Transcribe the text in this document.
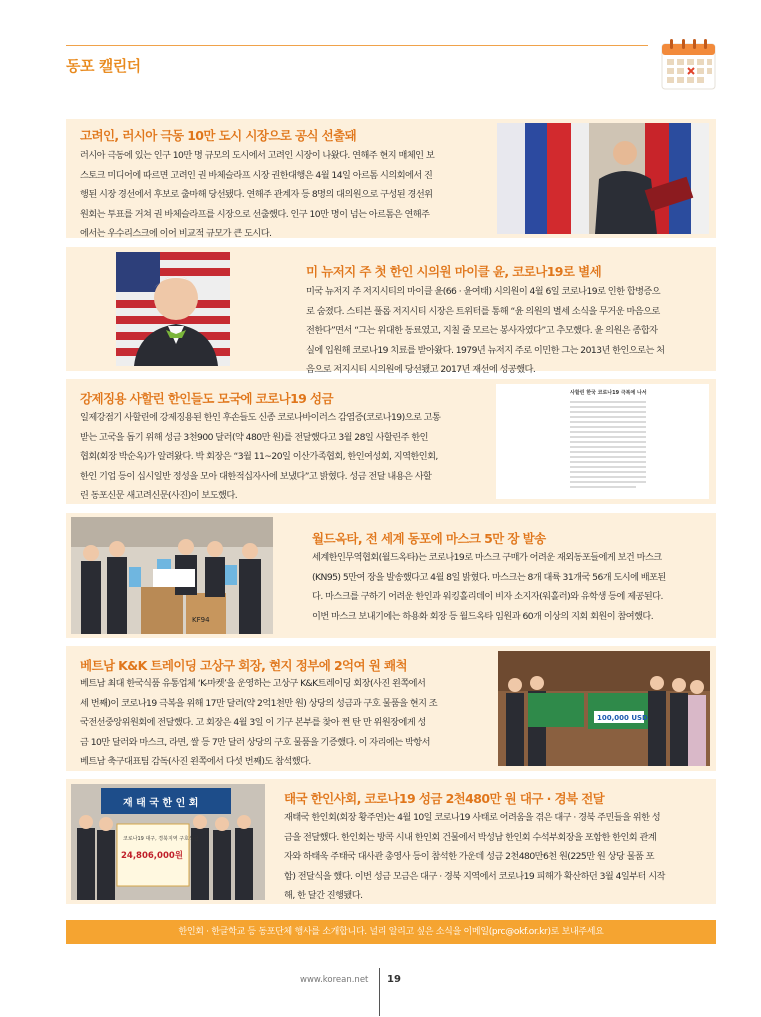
동포 캘린더
고려인, 러시아 극동 10만 도시 시장으로 공식 선출돼
러시아 극동에 있는 인구 10만 명 규모의 도시에서 고려인 시장이 나왔다. 연해주 현지 매체인 보
스토크 미디어에 따르면 고려인 권 바체슬라프 시장 권한대행은 4월 14일 아르톰 시의회에서 진
행된 시장 경선에서 후보로 출마해 당선됐다. 연해주 관계자 등 8명의 대의원으로 구성된 경선위
원회는 투표를 거쳐 권 바체슬라프를 시장으로 선출했다. 인구 10만 명이 넘는 아르톰은 연해주
에서는 우수리스크에 이어 비교적 규모가 큰 도시다.
미 뉴저지 주 첫 한인 시의원 마이클 윤, 코로나19로 별세
미국 뉴저지 주 저지시티의 마이클 윤(66 · 윤여태) 시의원이 4월 6일 코로나19로 인한 합병증으
로 숨졌다. 스티븐 풀롭 저지시티 시장은 트위터를 통해 “윤 의원의 별세 소식을 무거운 마음으로
전한다”면서 “그는 위대한 동료였고, 지칠 줄 모르는 봉사자였다”고 추모했다. 윤 의원은 종합자
실에 입원해 코로나19 치료를 받아왔다. 1979년 뉴저지 주로 이민한 그는 2013년 한인으로는 처
음으로 저지시티 시의원에 당선됐고 2017년 재선에 성공했다.
강제징용 사할린 한인들도 모국에 코로나19 성금
일제강점기 사할린에 강제징용된 한인 후손들도 신종 코로나바이러스 감염증(코로나19)으로 고통
받는 고국을 돕기 위해 성금 3천900 달러(약 480만 원)를 전달했다고 3월 28일 사할린주 한인
협회(회장 박순옥)가 알려왔다. 박 회장은 “3월 11~20일 이산가족협회, 한인여성회, 지역한인회,
한인 기업 등이 십시일반 정성을 모아 대한적십자사에 보냈다”고 밝혔다. 성금 전달 내용은 사할
린 동포신문 새고려신문(사진)이 보도했다.
사할린 한국 코로나19 극복에 나서
KF94
월드옥타, 전 세계 동포에 마스크 5만 장 발송
세계한인무역협회(월드옥타)는 코로나19로 마스크 구매가 어려운 재외동포들에게 보건 마스크
(KN95) 5만여 장을 발송했다고 4월 8일 밝혔다. 마스크는 8개 대륙 31개국 56개 도시에 배포된
다. 마스크를 구하기 어려운 한인과 워킹홀리데이 비자 소지자(워홀러)와 유학생 등에 제공된다.
이번 마스크 보내기에는 하용화 회장 등 월드옥타 임원과 60개 이상의 지회 회원이 참여했다.
베트남 K&K 트레이딩 고상구 회장, 현지 정부에 2억여 원 쾌척
베트남 최대 한국식품 유통업체 ‘K-마켓’을 운영하는 고상구 K&K트레이딩 회장(사진 왼쪽에서
세 번째)이 코로나19 극복을 위해 17만 달러(약 2억1천만 원) 상당의 성금과 구호 물품을 현지 조
국전선중앙위원회에 전달했다. 고 회장은 4월 3일 이 기구 본부를 찾아 쩐 탄 만 위원장에게 성
금 10만 달러와 마스크, 라면, 쌀 등 7만 달러 상당의 구호 물품을 기증했다. 이 자리에는 박항서
베트남 축구대표팀 감독(사진 왼쪽에서 다섯 번째)도 참석했다.
100,000 USD
재 태 국 한 인 회
코로나19 대구, 경북지역 구호성금
24,806,000원
태국 한인사회, 코로나19 성금 2천480만 원 대구 · 경북 전달
재태국 한인회(회장 황주연)는 4월 10일 코로나19 사태로 어려움을 겪은 대구 · 경북 주민들을 위한 성
금을 전달했다. 한인회는 방콕 시내 한인회 건물에서 박성남 한인회 수석부회장을 포함한 한인회 관계
자와 하태욱 주태국 대사관 총영사 등이 참석한 가운데 성금 2천480만6천 원(225만 원 상당 물품 포
함) 전달식을 했다. 이번 성금 모금은 대구 · 경북 지역에서 코로나19 피해가 확산하던 3월 4일부터 시작
해, 한 달간 진행됐다.
한인회 · 한글학교 등 동포단체 행사를 소개합니다. 널리 알리고 싶은 소식을 이메일(prc@okf.or.kr)로 보내주세요
www.korean.net 19
